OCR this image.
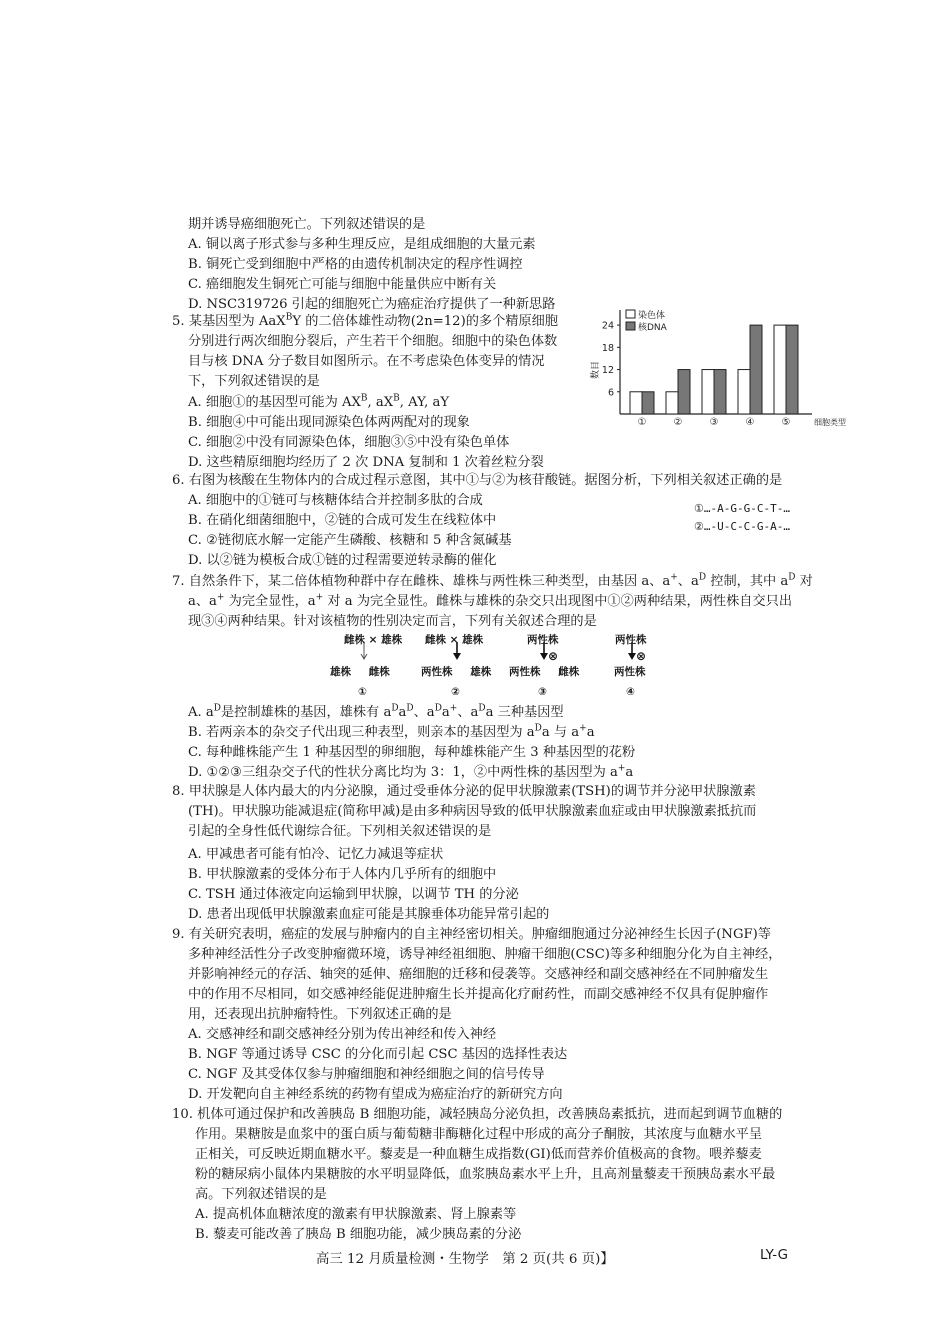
期并诱导癌细胞死亡。下列叙述错误的是
A. 铜以离子形式参与多种生理反应，是组成细胞的大量元素
B. 铜死亡受到细胞中严格的由遗传机制决定的程序性调控
C. 癌细胞发生铜死亡可能与细胞中能量供应中断有关
D. NSC319726 引起的细胞死亡为癌症治疗提供了一种新思路
5. 某基因型为 AaX$^B$Y 的二倍体雄性动物(2n=12)的多个精原细胞
分别进行两次细胞分裂后，产生若干个细胞。细胞中的染色体数
目与核 DNA 分子数目如图所示。在不考虑染色体变异的情况
下，下列叙述错误的是
A. 细胞①的基因型可能为 $AX^B$, $aX^B$, AY, aY
B. 细胞④中可能出现同源染色体两两配对的现象
C. 细胞②中没有同源染色体，细胞③⑤中没有染色单体
D. 这些精原细胞均经历了 2 次 DNA 复制和 1 次着丝粒分裂
6
12
18
24
数目
①	②	③	④	⑤	细胞类型
染色体
核DNA
6. 右图为核酸在生物体内的合成过程示意图，其中①与②为核苷酸链。据图分析，下列相关叙述正确的是
A. 细胞中的①链可与核糖体结合并控制多肽的合成
B. 在硝化细菌细胞中，②链的合成可发生在线粒体中
C. ②链彻底水解一定能产生磷酸、核糖和 5 种含氮碱基
D. 以②链为模板合成①链的过程需要逆转录酶的催化
①…-A-G-G-C-T-…
②…-U-C-C-G-A-…
7. 自然条件下，某二倍体植物种群中存在雌株、雄株与两性株三种类型，由基因 a、a+、$a^D$ 控制，其中 $a^D$ 对
a、a+ 为完全显性，a+ 对 a 为完全显性。雌株与雄株的杂交只出现图中①②两种结果，两性株自交只出
现③④两种结果。针对该植物的性别决定而言，下列有关叙述合理的是
雌株 × 雄株 雌株 × 雄株	两性株	两性株
⊗	⊗
雄株 　 雌株	两性株 　 雄株 两性株 　 雌株	两性株
①	②	③	④
A. $a^D$是控制雄株的基因，雄株有 $a^Da^D$、$a^Da^+$、$a^Da$ 三种基因型
B. 若两亲本的杂交子代出现三种表型，则亲本的基因型为 $a^Da$ 与 a+a
C. 每种雌株能产生 1 种基因型的卵细胞，每种雄株能产生 3 种基因型的花粉
D. ①②③三组杂交子代的性状分离比均为 3：1，②中两性株的基因型为 a+a
8. 甲状腺是人体内最大的内分泌腺，通过受垂体分泌的促甲状腺激素(TSH)的调节并分泌甲状腺激素
(TH)。甲状腺功能减退症(简称甲减)是由多种病因导致的低甲状腺激素血症或由甲状腺激素抵抗而
引起的全身性低代谢综合征。下列相关叙述错误的是
A. 甲减患者可能有怕冷、记忆力减退等症状
B. 甲状腺激素的受体分布于人体内几乎所有的细胞中
C. TSH 通过体液定向运输到甲状腺，以调节 TH 的分泌
D. 患者出现低甲状腺激素血症可能是其腺垂体功能异常引起的
9. 有关研究表明，癌症的发展与肿瘤内的自主神经密切相关。肿瘤细胞通过分泌神经生长因子(NGF)等
多种神经活性分子改变肿瘤微环境，诱导神经祖细胞、肿瘤干细胞(CSC)等多种细胞分化为自主神经，
并影响神经元的存活、轴突的延伸、癌细胞的迁移和侵袭等。交感神经和副交感神经在不同肿瘤发生
中的作用不尽相同，如交感神经能促进肿瘤生长并提高化疗耐药性，而副交感神经不仅具有促肿瘤作
用，还表现出抗肿瘤特性。下列叙述正确的是
A. 交感神经和副交感神经分别为传出神经和传入神经
B. NGF 等通过诱导 CSC 的分化而引起 CSC 基因的选择性表达
C. NGF 及其受体仅参与肿瘤细胞和神经细胞之间的信号传导
D. 开发靶向自主神经系统的药物有望成为癌症治疗的新研究方向
10. 机体可通过保护和改善胰岛 B 细胞功能，减轻胰岛分泌负担，改善胰岛素抵抗，进而起到调节血糖的
作用。果糖胺是血浆中的蛋白质与葡萄糖非酶糖化过程中形成的高分子酮胺，其浓度与血糖水平呈
正相关，可反映近期血糖水平。藜麦是一种血糖生成指数(GI)低而营养价值极高的食物。喂养藜麦
粉的糖尿病小鼠体内果糖胺的水平明显降低，血浆胰岛素水平上升，且高剂量藜麦干预胰岛素水平最
高。下列叙述错误的是
A. 提高机体血糖浓度的激素有甲状腺激素、肾上腺素等
高三 12 月质量检测・生物学　第 2 页(共 6 页)】	LY-G
B. 藜麦可能改善了胰岛 B 细胞功能，减少胰岛素的分泌
